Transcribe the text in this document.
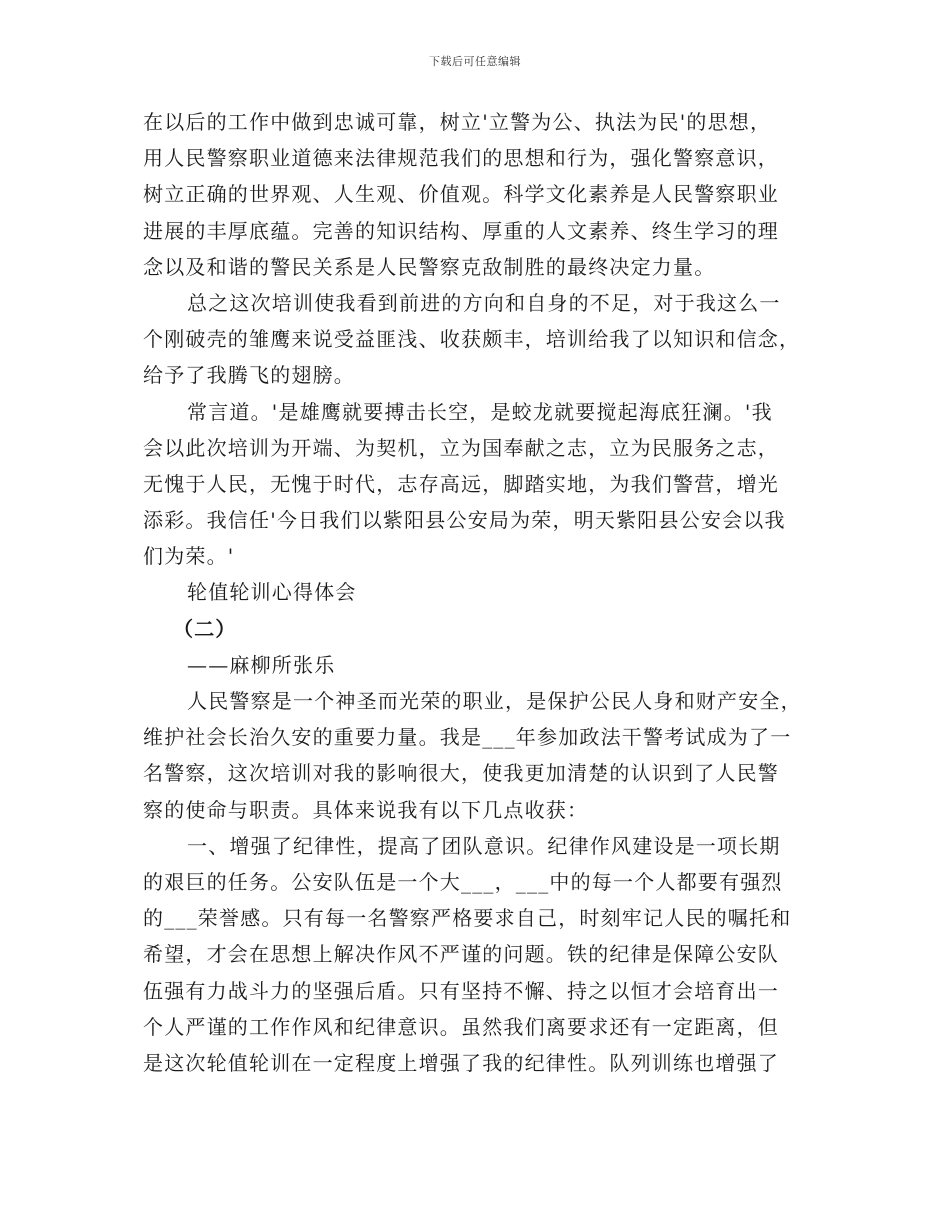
下载后可任意编辑
在以后的工作中做到忠诚可靠，树立'立警为公、执法为民'的思想，
用人民警察职业道德来法律规范我们的思想和行为，强化警察意识，
树立正确的世界观、人生观、价值观。科学文化素养是人民警察职业
进展的丰厚底蕴。完善的知识结构、厚重的人文素养、终生学习的理
念以及和谐的警民关系是人民警察克敌制胜的最终决定力量。
总之这次培训使我看到前进的方向和自身的不足，对于我这么一
个刚破壳的雏鹰来说受益匪浅、收获颇丰，培训给我了以知识和信念，
给予了我腾飞的翅膀。
常言道。'是雄鹰就要搏击长空，是蛟龙就要搅起海底狂澜。'我
会以此次培训为开端、为契机，立为国奉献之志，立为民服务之志，
无愧于人民，无愧于时代，志存高远，脚踏实地，为我们警营，增光
添彩。我信任'今日我们以紫阳县公安局为荣，明天紫阳县公安会以我
们为荣。'
轮值轮训心得体会
（二）
——麻柳所张乐
人民警察是一个神圣而光荣的职业，是保护公民人身和财产安全，
维护社会长治久安的重要力量。我是___年参加政法干警考试成为了一
名警察，这次培训对我的影响很大，使我更加清楚的认识到了人民警
察的使命与职责。具体来说我有以下几点收获：
一、增强了纪律性，提高了团队意识。纪律作风建设是一项长期
的艰巨的任务。公安队伍是一个大___，___中的每一个人都要有强烈
的___荣誉感。只有每一名警察严格要求自己，时刻牢记人民的嘱托和
希望，才会在思想上解决作风不严谨的问题。铁的纪律是保障公安队
伍强有力战斗力的坚强后盾。只有坚持不懈、持之以恒才会培育出一
个人严谨的工作作风和纪律意识。虽然我们离要求还有一定距离，但
是这次轮值轮训在一定程度上增强了我的纪律性。队列训练也增强了
